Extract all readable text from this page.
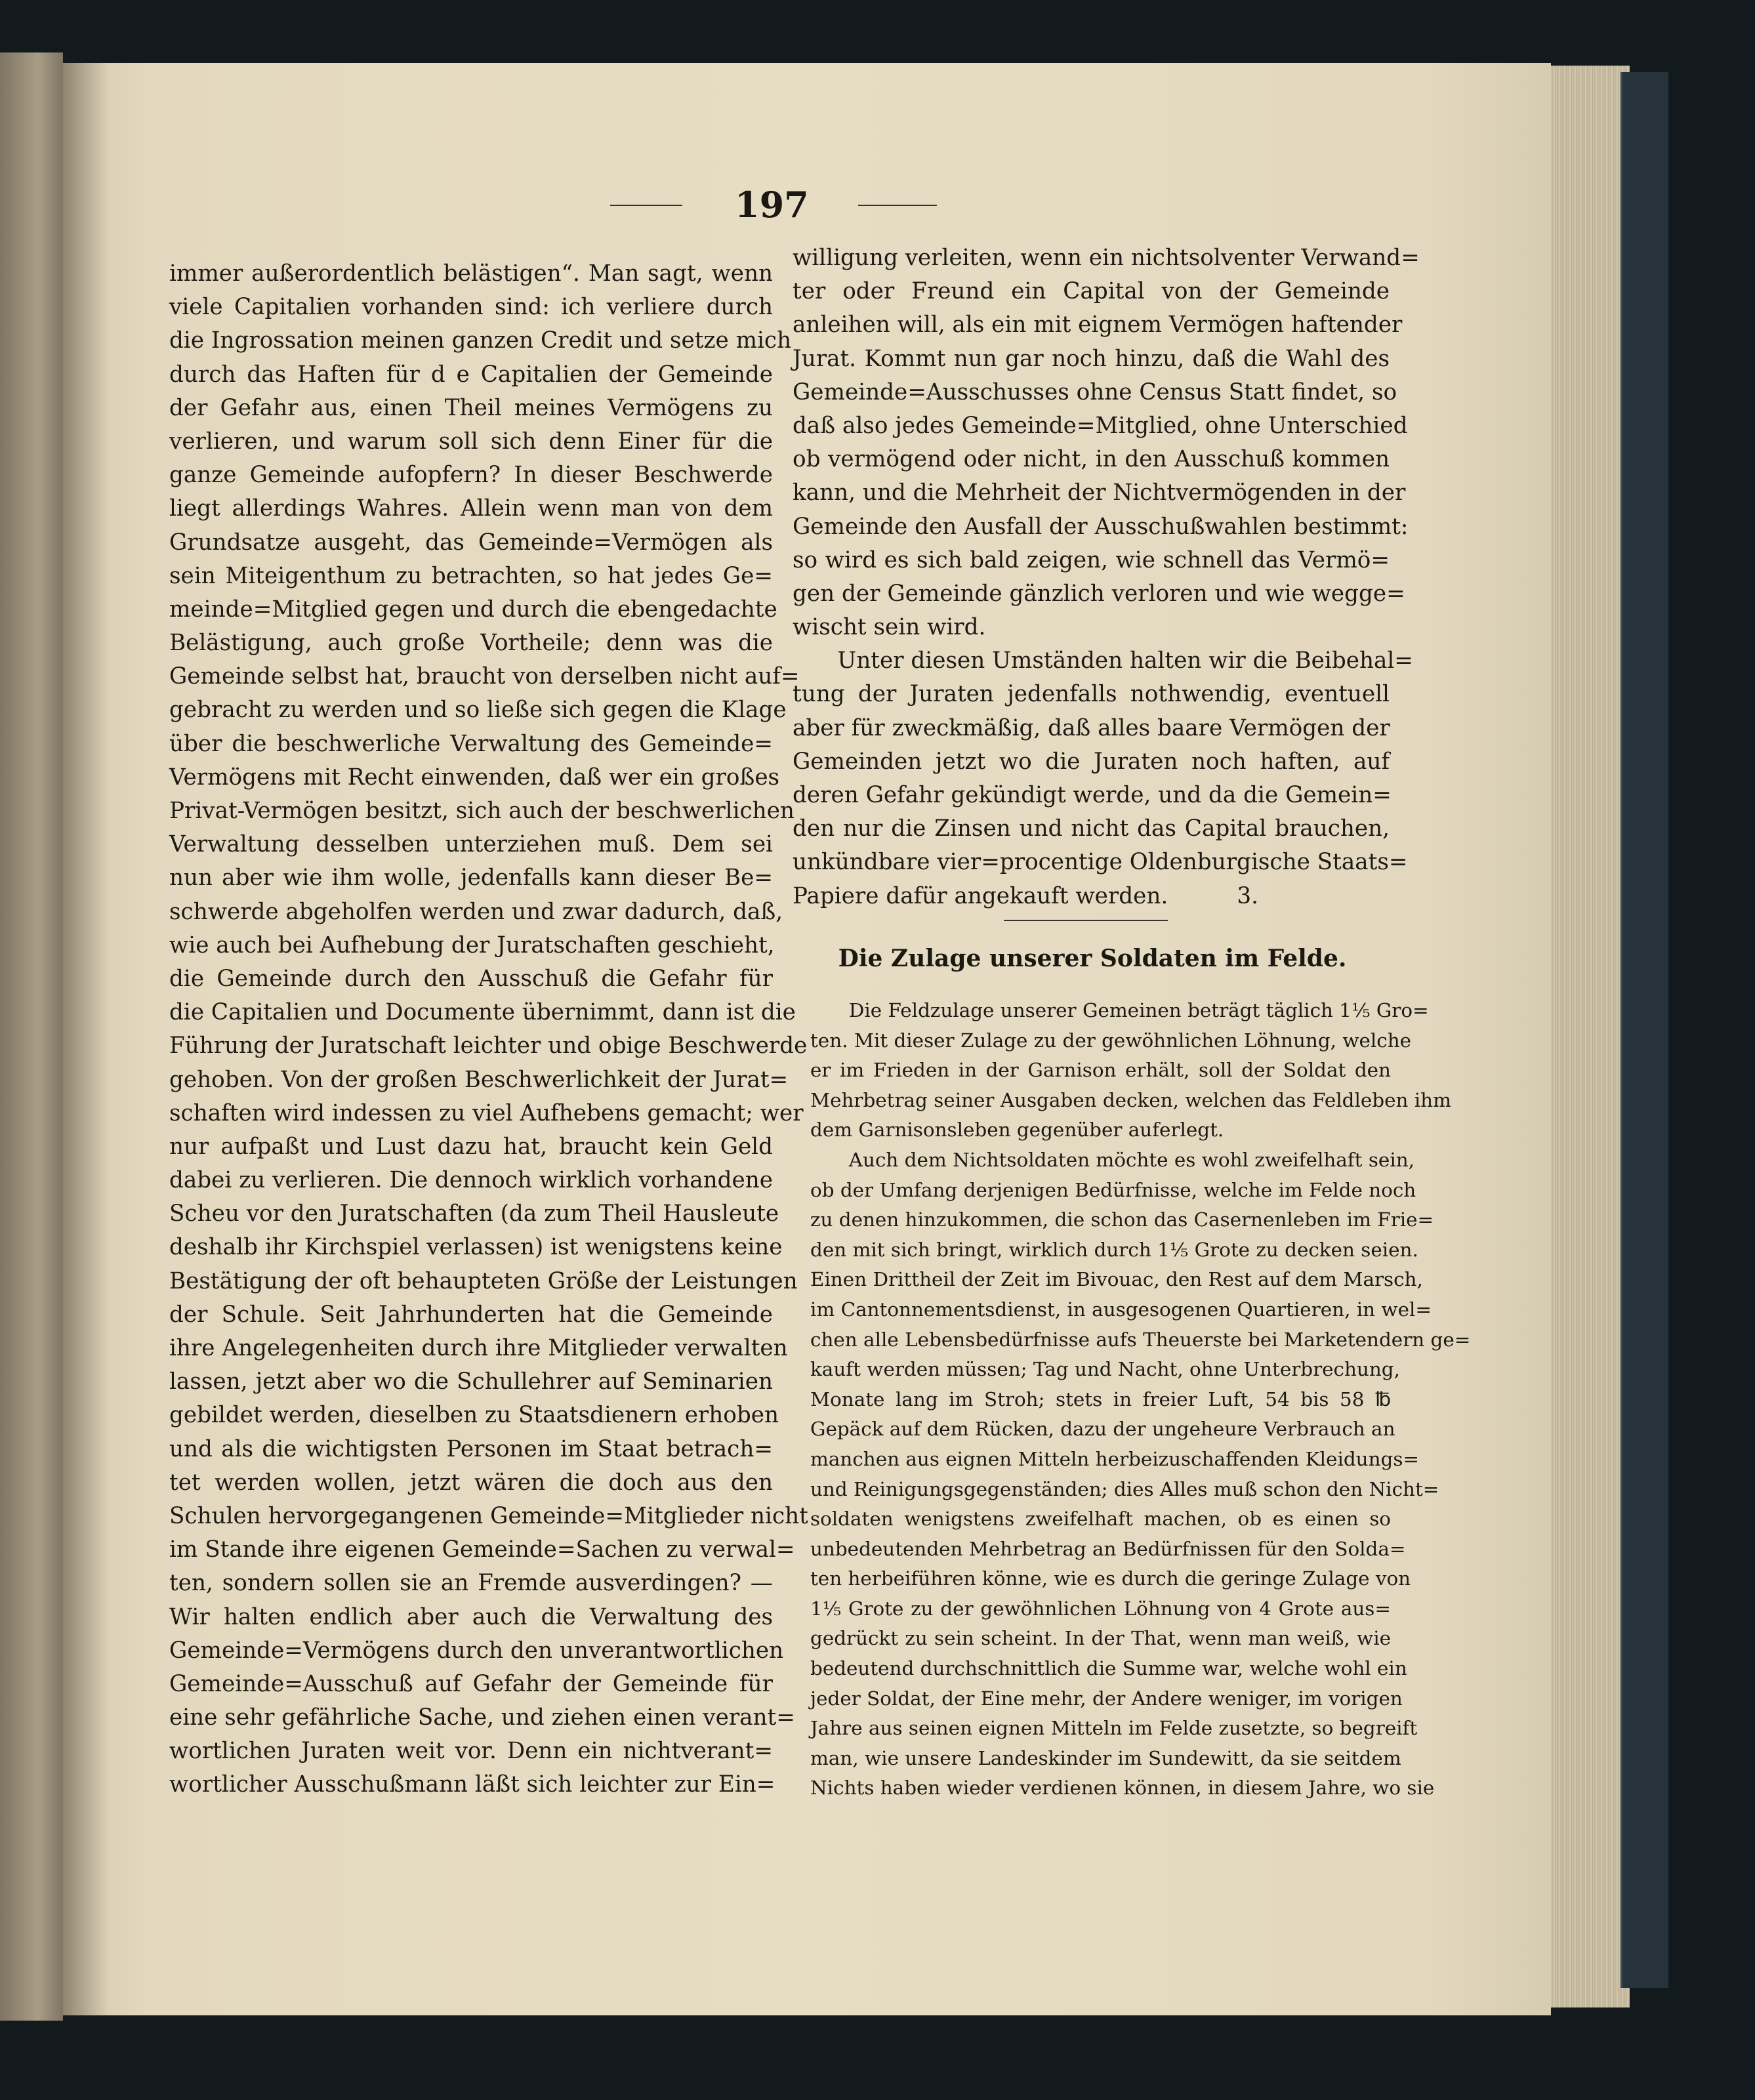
197
immer außerordentlich belästigen“. Man sagt, wenn
viele Capitalien vorhanden sind: ich verliere durch
die Ingrossation meinen ganzen Credit und setze mich
durch das Haften für d e Capitalien der Gemeinde
der Gefahr aus, einen Theil meines Vermögens zu
verlieren, und warum soll sich denn Einer für die
ganze Gemeinde aufopfern? In dieser Beschwerde
liegt allerdings Wahres. Allein wenn man von dem
Grundsatze ausgeht, das Gemeinde=Vermögen als
sein Miteigenthum zu betrachten, so hat jedes Ge=
meinde=Mitglied gegen und durch die ebengedachte
Belästigung, auch große Vortheile; denn was die
Gemeinde selbst hat, braucht von derselben nicht auf=
gebracht zu werden und so ließe sich gegen die Klage
über die beschwerliche Verwaltung des Gemeinde=
Vermögens mit Recht einwenden, daß wer ein großes
Privat-Vermögen besitzt, sich auch der beschwerlichen
Verwaltung desselben unterziehen muß. Dem sei
nun aber wie ihm wolle, jedenfalls kann dieser Be=
schwerde abgeholfen werden und zwar dadurch, daß,
wie auch bei Aufhebung der Juratschaften geschieht,
die Gemeinde durch den Ausschuß die Gefahr für
die Capitalien und Documente übernimmt, dann ist die
Führung der Juratschaft leichter und obige Beschwerde
gehoben. Von der großen Beschwerlichkeit der Jurat=
schaften wird indessen zu viel Aufhebens gemacht; wer
nur aufpaßt und Lust dazu hat, braucht kein Geld
dabei zu verlieren. Die dennoch wirklich vorhandene
Scheu vor den Juratschaften (da zum Theil Hausleute
deshalb ihr Kirchspiel verlassen) ist wenigstens keine
Bestätigung der oft behaupteten Größe der Leistungen
der Schule. Seit Jahrhunderten hat die Gemeinde
ihre Angelegenheiten durch ihre Mitglieder verwalten
lassen, jetzt aber wo die Schullehrer auf Seminarien
gebildet werden, dieselben zu Staatsdienern erhoben
und als die wichtigsten Personen im Staat betrach=
tet werden wollen, jetzt wären die doch aus den
Schulen hervorgegangenen Gemeinde=Mitglieder nicht
im Stande ihre eigenen Gemeinde=Sachen zu verwal=
ten, sondern sollen sie an Fremde ausverdingen? —
Wir halten endlich aber auch die Verwaltung des
Gemeinde=Vermögens durch den unverantwortlichen
Gemeinde=Ausschuß auf Gefahr der Gemeinde für
eine sehr gefährliche Sache, und ziehen einen verant=
wortlichen Juraten weit vor. Denn ein nichtverant=
wortlicher Ausschußmann läßt sich leichter zur Ein=
willigung verleiten, wenn ein nichtsolventer Verwand=
ter oder Freund ein Capital von der Gemeinde
anleihen will, als ein mit eignem Vermögen haftender
Jurat. Kommt nun gar noch hinzu, daß die Wahl des
Gemeinde=Ausschusses ohne Census Statt findet, so
daß also jedes Gemeinde=Mitglied, ohne Unterschied
ob vermögend oder nicht, in den Ausschuß kommen
kann, und die Mehrheit der Nichtvermögenden in der
Gemeinde den Ausfall der Ausschußwahlen bestimmt:
so wird es sich bald zeigen, wie schnell das Vermö=
gen der Gemeinde gänzlich verloren und wie wegge=
wischt sein wird.
Unter diesen Umständen halten wir die Beibehal=
tung der Juraten jedenfalls nothwendig, eventuell
aber für zweckmäßig, daß alles baare Vermögen der
Gemeinden jetzt wo die Juraten noch haften, auf
deren Gefahr gekündigt werde, und da die Gemein=
den nur die Zinsen und nicht das Capital brauchen,
unkündbare vier=procentige Oldenburgische Staats=
Papiere dafür angekauft werden.	3.
Die Zulage unserer Soldaten im Felde.
Die Feldzulage unserer Gemeinen beträgt täglich 1⅕ Gro=
ten. Mit dieser Zulage zu der gewöhnlichen Löhnung, welche
er im Frieden in der Garnison erhält, soll der Soldat den
Mehrbetrag seiner Ausgaben decken, welchen das Feldleben ihm
dem Garnisonsleben gegenüber auferlegt.
Auch dem Nichtsoldaten möchte es wohl zweifelhaft sein,
ob der Umfang derjenigen Bedürfnisse, welche im Felde noch
zu denen hinzukommen, die schon das Casernenleben im Frie=
den mit sich bringt, wirklich durch 1⅕ Grote zu decken seien.
Einen Drittheil der Zeit im Bivouac, den Rest auf dem Marsch,
im Cantonnementsdienst, in ausgesogenen Quartieren, in wel=
chen alle Lebensbedürfnisse aufs Theuerste bei Marketendern ge=
kauft werden müssen; Tag und Nacht, ohne Unterbrechung,
Monate lang im Stroh; stets in freier Luft, 54 bis 58 ℔
Gepäck auf dem Rücken, dazu der ungeheure Verbrauch an
manchen aus eignen Mitteln herbeizuschaffenden Kleidungs=
und Reinigungsgegenständen; dies Alles muß schon den Nicht=
soldaten wenigstens zweifelhaft machen, ob es einen so
unbedeutenden Mehrbetrag an Bedürfnissen für den Solda=
ten herbeiführen könne, wie es durch die geringe Zulage von
1⅕ Grote zu der gewöhnlichen Löhnung von 4 Grote aus=
gedrückt zu sein scheint. In der That, wenn man weiß, wie
bedeutend durchschnittlich die Summe war, welche wohl ein
jeder Soldat, der Eine mehr, der Andere weniger, im vorigen
Jahre aus seinen eignen Mitteln im Felde zusetzte, so begreift
man, wie unsere Landeskinder im Sundewitt, da sie seitdem
Nichts haben wieder verdienen können, in diesem Jahre, wo sie
